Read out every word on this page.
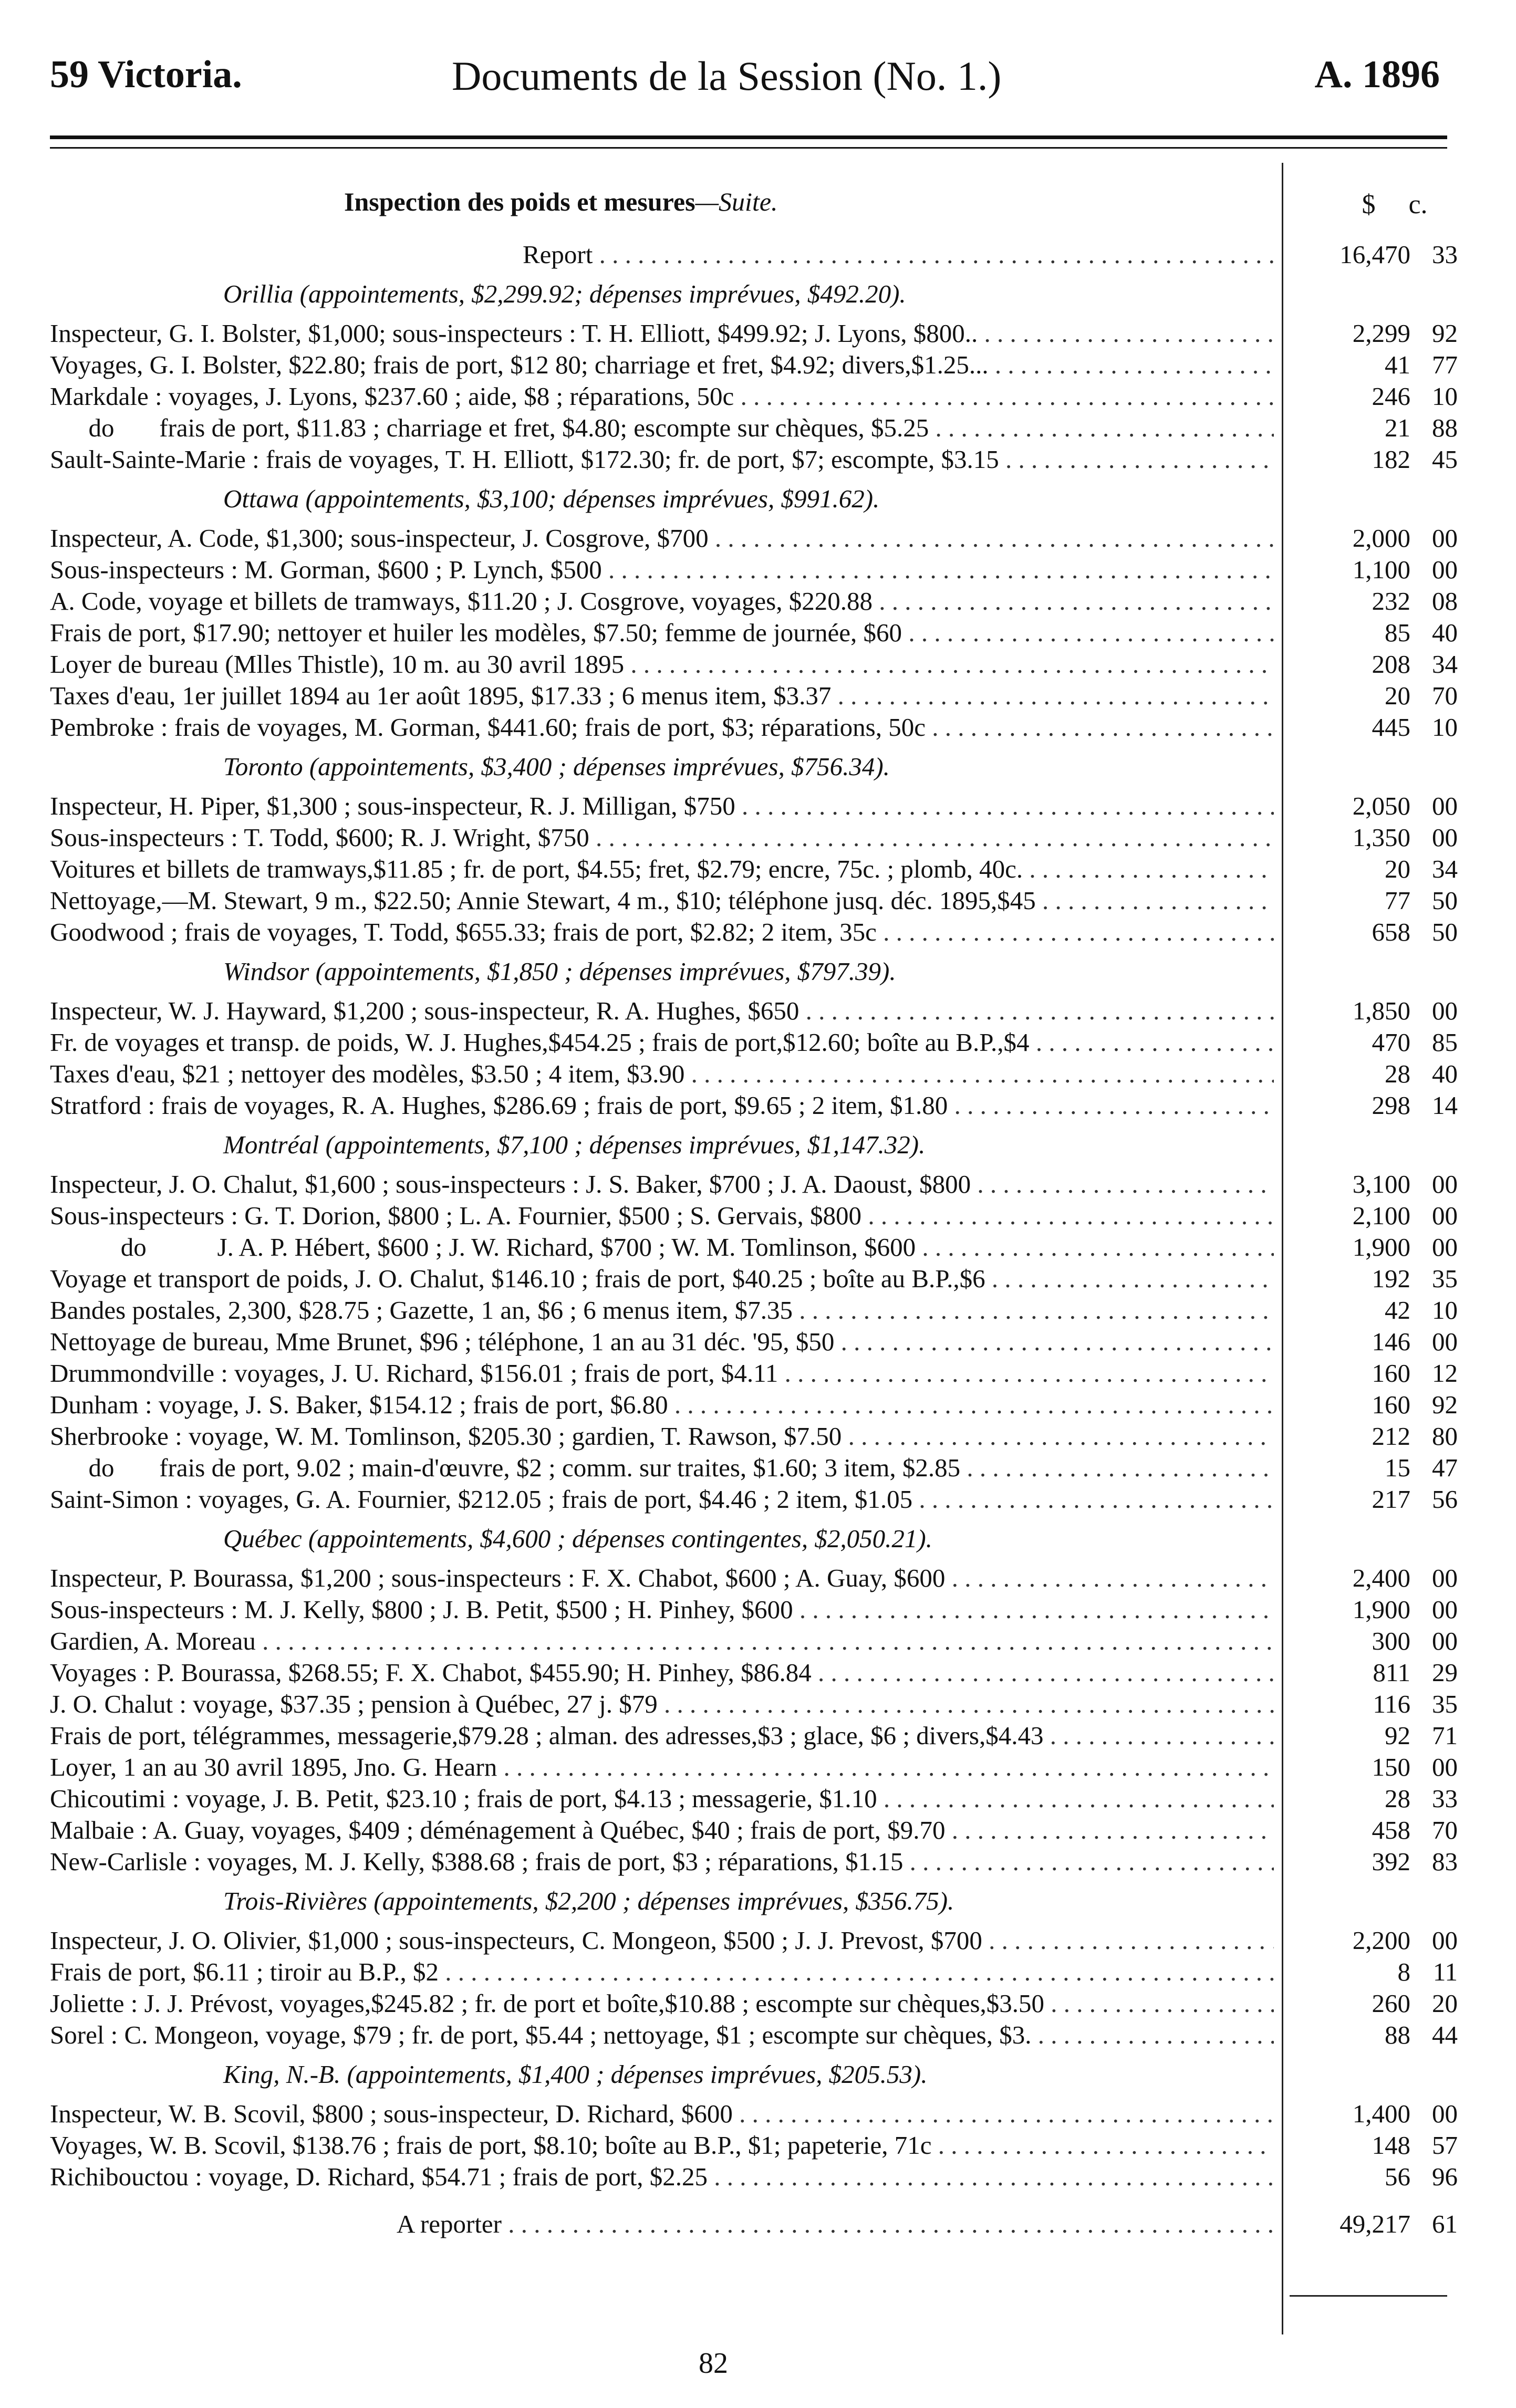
59 Victoria.	Documents de la Session (No. 1.)	A. 1896
Inspection des poids et mesures—Suite.	$ c.
Report . . .	16,470 33
Orillia (appointements, $2,299.92; dépenses imprévues, $492.20).
Inspecteur, G. I. Bolster, $1,000; sous-inspecteurs : T. H. Elliott, $499.92; J. Lyons, $800.. . . .	2,299 92
Voyages, G. I. Bolster, $22.80; frais de port, $12 80; charriage et fret, $4.92; divers,$1.25... . . .	41 77
Markdale : voyages, J. Lyons, $237.60 ; aide, $8 ; réparations, 50c . . .	246 10
do       frais de port, $11.83 ; charriage et fret, $4.80; escompte sur chèques, $5.25 . . .	21 88
Sault-Sainte-Marie : frais de voyages, T. H. Elliott, $172.30; fr. de port, $7; escompte, $3.15 . . .	182 45
Ottawa (appointements, $3,100; dépenses imprévues, $991.62).
Inspecteur, A. Code, $1,300; sous-inspecteur, J. Cosgrove, $700 . . .	2,000 00
Sous-inspecteurs : M. Gorman, $600 ; P. Lynch, $500 . . .	1,100 00
A. Code, voyage et billets de tramways, $11.20 ; J. Cosgrove, voyages, $220.88 . . .	232 08
Frais de port, $17.90; nettoyer et huiler les modèles, $7.50; femme de journée, $60 . . .	85 40
Loyer de bureau (Mlles Thistle), 10 m. au 30 avril 1895 . . .	208 34
Taxes d'eau, 1er juillet 1894 au 1er août 1895, $17.33 ; 6 menus item, $3.37 . . .	20 70
Pembroke : frais de voyages, M. Gorman, $441.60; frais de port, $3; réparations, 50c . . .	445 10
Toronto (appointements, $3,400 ; dépenses imprévues, $756.34).
Inspecteur, H. Piper, $1,300 ; sous-inspecteur, R. J. Milligan, $750 . . .	2,050 00
Sous-inspecteurs : T. Todd, $600; R. J. Wright, $750 . . .	1,350 00
Voitures et billets de tramways,$11.85 ; fr. de port, $4.55; fret, $2.79; encre, 75c. ; plomb, 40c. . . .	20 34
Nettoyage,—M. Stewart, 9 m., $22.50; Annie Stewart, 4 m., $10; téléphone jusq. déc. 1895,$45 . . .	77 50
Goodwood ; frais de voyages, T. Todd, $655.33; frais de port, $2.82; 2 item, 35c . . .	658 50
Windsor (appointements, $1,850 ; dépenses imprévues, $797.39).
Inspecteur, W. J. Hayward, $1,200 ; sous-inspecteur, R. A. Hughes, $650 . . .	1,850 00
Fr. de voyages et transp. de poids, W. J. Hughes,$454.25 ; frais de port,$12.60; boîte au B.P.,$4 . . .	470 85
Taxes d'eau, $21 ; nettoyer des modèles, $3.50 ; 4 item, $3.90 . . .	28 40
Stratford : frais de voyages, R. A. Hughes, $286.69 ; frais de port, $9.65 ; 2 item, $1.80 . . .	298 14
Montréal (appointements, $7,100 ; dépenses imprévues, $1,147.32).
Inspecteur, J. O. Chalut, $1,600 ; sous-inspecteurs : J. S. Baker, $700 ; J. A. Daoust, $800 . . .	3,100 00
Sous-inspecteurs : G. T. Dorion, $800 ; L. A. Fournier, $500 ; S. Gervais, $800 . . .	2,100 00
do           J. A. P. Hébert, $600 ; J. W. Richard, $700 ; W. M. Tomlinson, $600 . . .	1,900 00
Voyage et transport de poids, J. O. Chalut, $146.10 ; frais de port, $40.25 ; boîte au B.P.,$6 . . .	192 35
Bandes postales, 2,300, $28.75 ; Gazette, 1 an, $6 ; 6 menus item, $7.35 . . .	42 10
Nettoyage de bureau, Mme Brunet, $96 ; téléphone, 1 an au 31 déc. '95, $50 . . .	146 00
Drummondville : voyages, J. U. Richard, $156.01 ; frais de port, $4.11 . . .	160 12
Dunham : voyage, J. S. Baker, $154.12 ; frais de port, $6.80 . . .	160 92
Sherbrooke : voyage, W. M. Tomlinson, $205.30 ; gardien, T. Rawson, $7.50 . . .	212 80
do       frais de port, 9.02 ; main-d'œuvre, $2 ; comm. sur traites, $1.60; 3 item, $2.85 . . .	15 47
Saint-Simon : voyages, G. A. Fournier, $212.05 ; frais de port, $4.46 ; 2 item, $1.05 . . .	217 56
Québec (appointements, $4,600 ; dépenses contingentes, $2,050.21).
Inspecteur, P. Bourassa, $1,200 ; sous-inspecteurs : F. X. Chabot, $600 ; A. Guay, $600 . . .	2,400 00
Sous-inspecteurs : M. J. Kelly, $800 ; J. B. Petit, $500 ; H. Pinhey, $600 . . .	1,900 00
Gardien, A. Moreau . . .	300 00
Voyages : P. Bourassa, $268.55; F. X. Chabot, $455.90; H. Pinhey, $86.84 . . .	811 29
J. O. Chalut : voyage, $37.35 ; pension à Québec, 27 j. $79 . . .	116 35
Frais de port, télégrammes, messagerie,$79.28 ; alman. des adresses,$3 ; glace, $6 ; divers,$4.43 . . .	92 71
Loyer, 1 an au 30 avril 1895, Jno. G. Hearn . . .	150 00
Chicoutimi : voyage, J. B. Petit, $23.10 ; frais de port, $4.13 ; messagerie, $1.10 . . .	28 33
Malbaie : A. Guay, voyages, $409 ; déménagement à Québec, $40 ; frais de port, $9.70 . . .	458 70
New-Carlisle : voyages, M. J. Kelly, $388.68 ; frais de port, $3 ; réparations, $1.15 . . .	392 83
Trois-Rivières (appointements, $2,200 ; dépenses imprévues, $356.75).
Inspecteur, J. O. Olivier, $1,000 ; sous-inspecteurs, C. Mongeon, $500 ; J. J. Prevost, $700 . . .	2,200 00
Frais de port, $6.11 ; tiroir au B.P., $2 . . .	8 11
Joliette : J. J. Prévost, voyages,$245.82 ; fr. de port et boîte,$10.88 ; escompte sur chèques,$3.50 . . .	260 20
Sorel : C. Mongeon, voyage, $79 ; fr. de port, $5.44 ; nettoyage, $1 ; escompte sur chèques, $3. . . .	88 44
King, N.-B. (appointements, $1,400 ; dépenses imprévues, $205.53).
Inspecteur, W. B. Scovil, $800 ; sous-inspecteur, D. Richard, $600 . . .	1,400 00
Voyages, W. B. Scovil, $138.76 ; frais de port, $8.10; boîte au B.P., $1; papeterie, 71c . . .	148 57
Richibouctou : voyage, D. Richard, $54.71 ; frais de port, $2.25 . . .	56 96
A reporter . . .	49,217 61
82
